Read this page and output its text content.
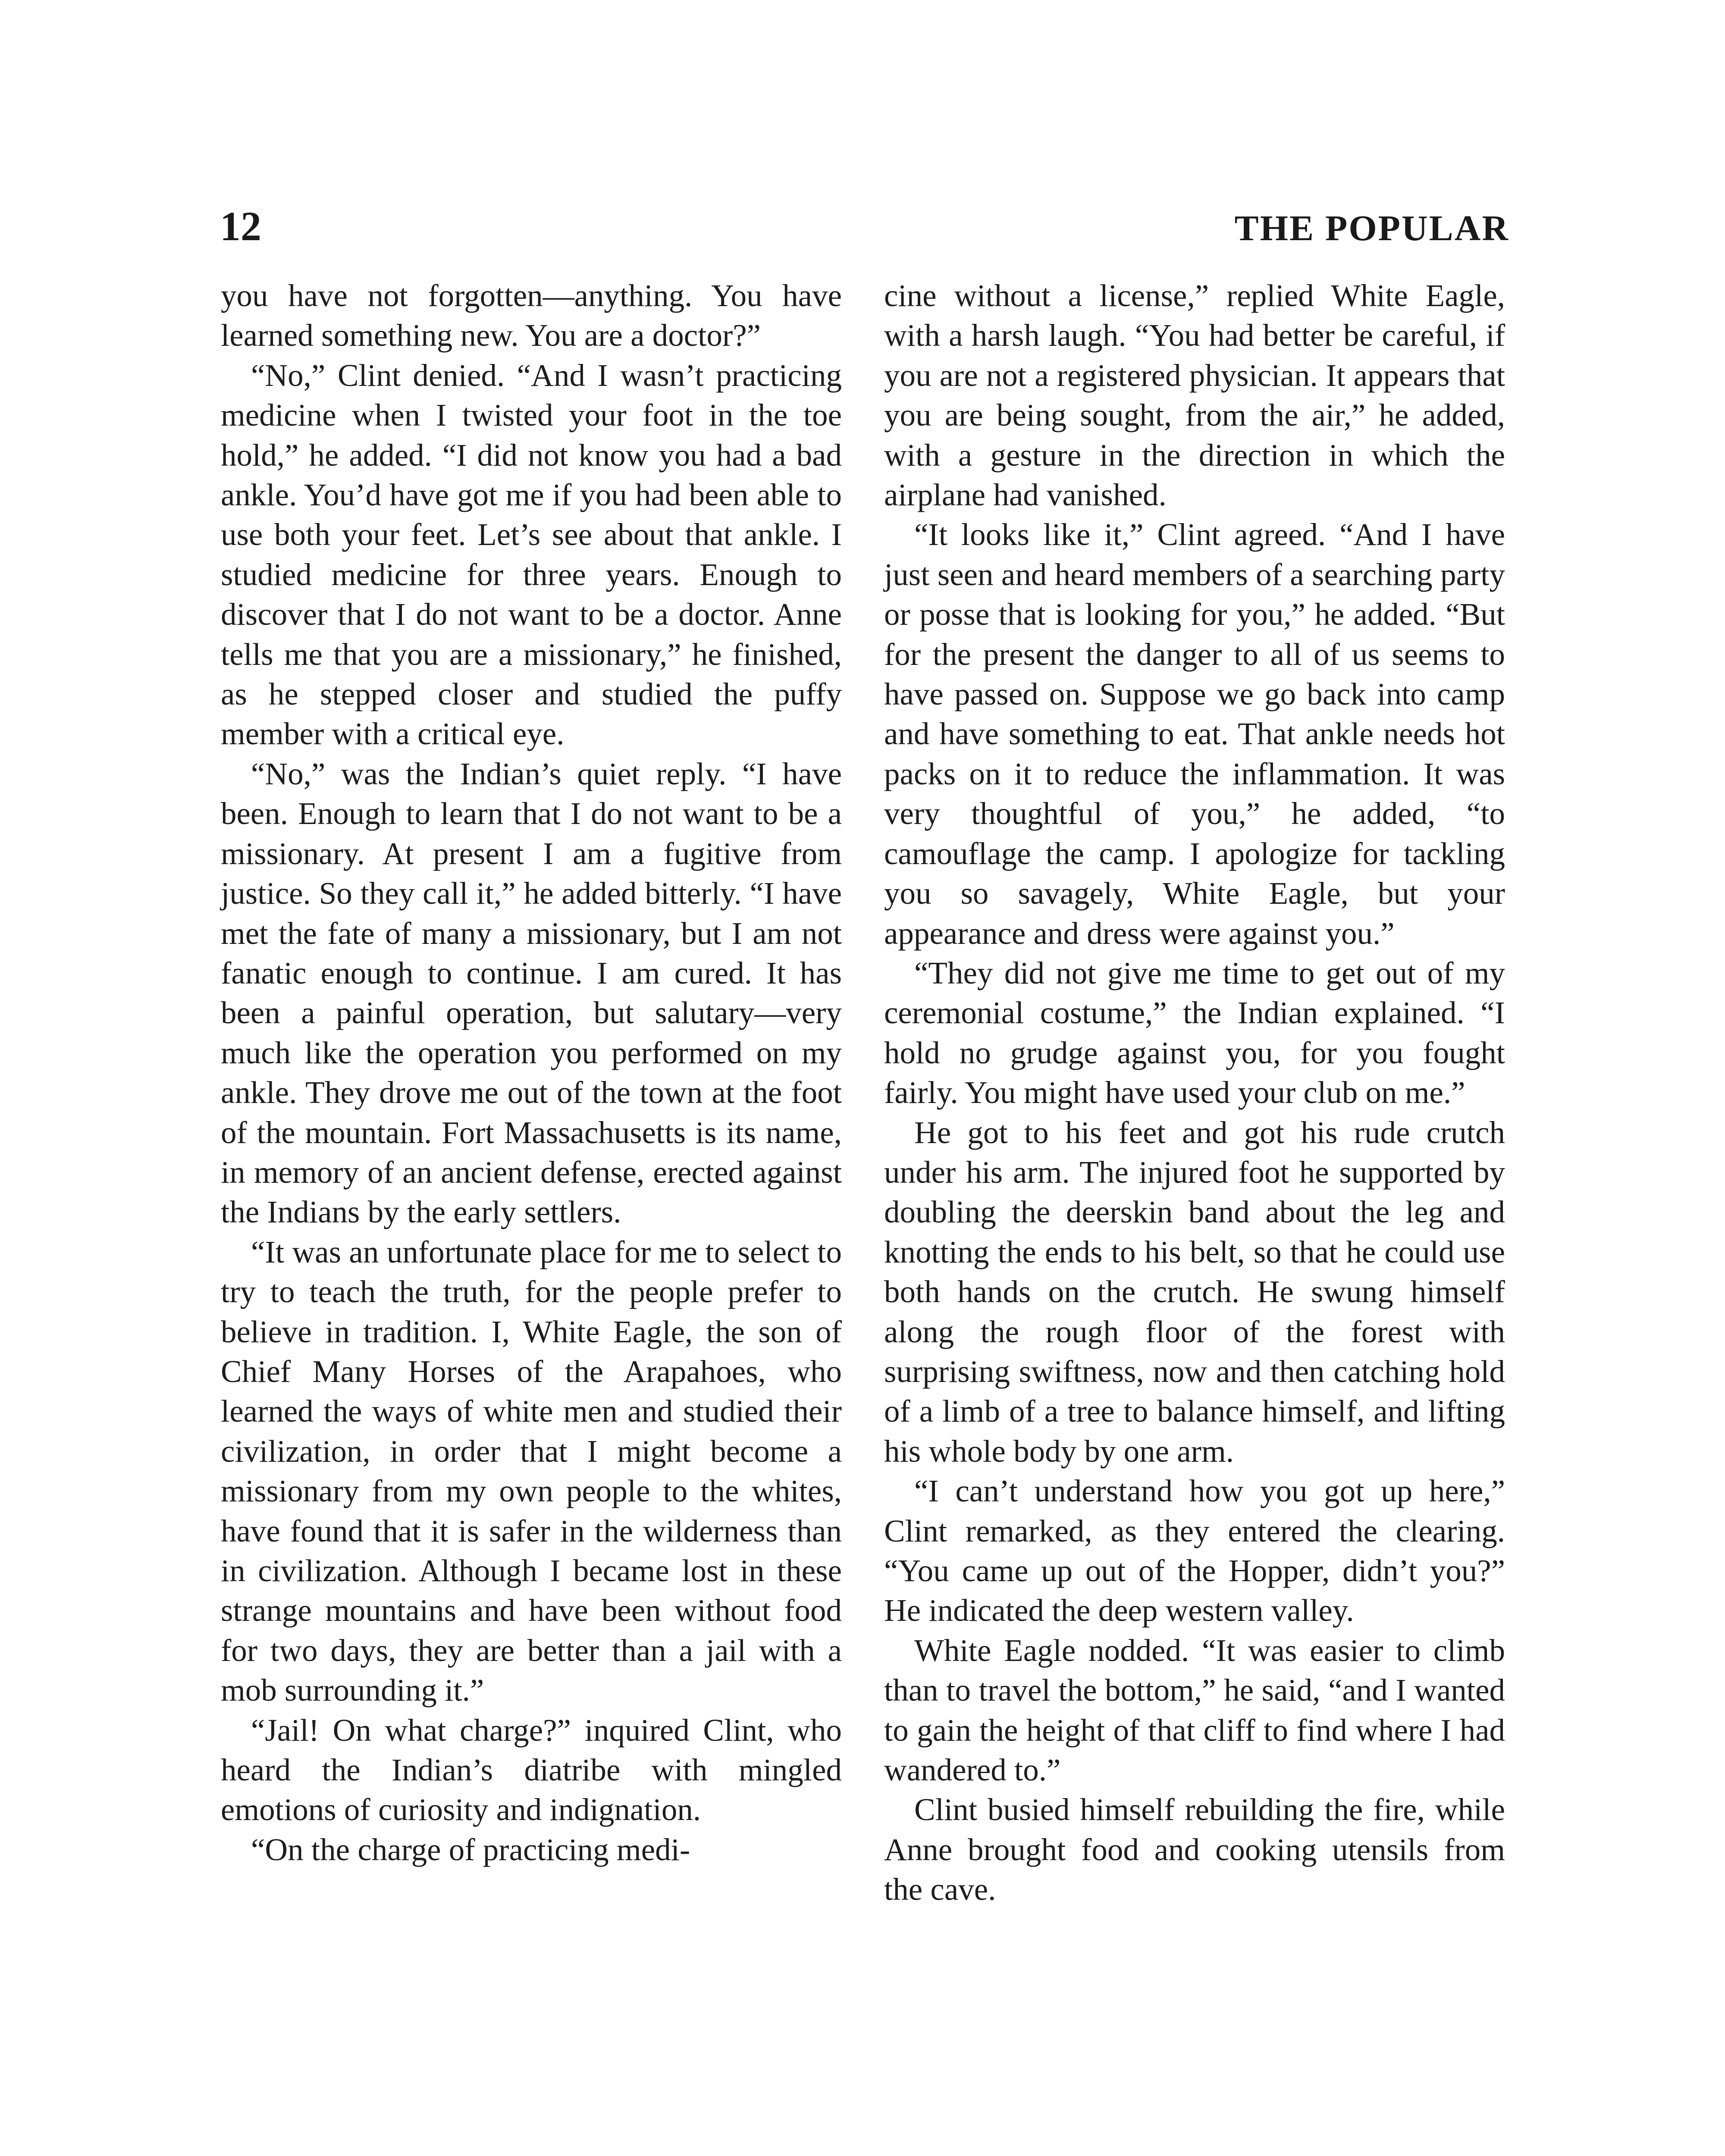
12	THE POPULAR

you have not forgotten—anything. You have learned something new. You are a doctor?”

“No,” Clint denied. “And I wasn’t practicing medicine when I twisted your foot in the toe hold,” he added. “I did not know you had a bad ankle. You’d have got me if you had been able to use both your feet. Let’s see about that ankle. I studied medicine for three years. Enough to discover that I do not want to be a doctor. Anne tells me that you are a missionary,” he finished, as he stepped closer and studied the puffy member with a critical eye.

“No,” was the Indian’s quiet reply. “I have been. Enough to learn that I do not want to be a missionary. At present I am a fugitive from justice. So they call it,” he added bitterly. “I have met the fate of many a missionary, but I am not fanatic enough to continue. I am cured. It has been a painful operation, but salutary—very much like the operation you performed on my ankle. They drove me out of the town at the foot of the mountain. Fort Massachusetts is its name, in memory of an ancient defense, erected against the Indians by the early settlers.

“It was an unfortunate place for me to select to try to teach the truth, for the people prefer to believe in tradition. I, White Eagle, the son of Chief Many Horses of the Arapahoes, who learned the ways of white men and studied their civilization, in order that I might become a missionary from my own people to the whites, have found that it is safer in the wilderness than in civilization. Although I became lost in these strange mountains and have been without food for two days, they are better than a jail with a mob surrounding it.”

“Jail! On what charge?” inquired Clint, who heard the Indian’s diatribe with mingled emotions of curiosity and indignation.

“On the charge of practicing medi-

cine without a license,” replied White Eagle, with a harsh laugh. “You had better be careful, if you are not a registered physician. It appears that you are being sought, from the air,” he added, with a gesture in the direction in which the airplane had vanished.

“It looks like it,” Clint agreed. “And I have just seen and heard members of a searching party or posse that is looking for you,” he added. “But for the present the danger to all of us seems to have passed on. Suppose we go back into camp and have something to eat. That ankle needs hot packs on it to reduce the inflammation. It was very thoughtful of you,” he added, “to camouflage the camp. I apologize for tackling you so savagely, White Eagle, but your appearance and dress were against you.”

“They did not give me time to get out of my ceremonial costume,” the Indian explained. “I hold no grudge against you, for you fought fairly. You might have used your club on me.”

He got to his feet and got his rude crutch under his arm. The injured foot he supported by doubling the deerskin band about the leg and knotting the ends to his belt, so that he could use both hands on the crutch. He swung himself along the rough floor of the forest with surprising swiftness, now and then catching hold of a limb of a tree to balance himself, and lifting his whole body by one arm.

“I can’t understand how you got up here,” Clint remarked, as they entered the clearing. “You came up out of the Hopper, didn’t you?” He indicated the deep western valley.

White Eagle nodded. “It was easier to climb than to travel the bottom,” he said, “and I wanted to gain the height of that cliff to find where I had wandered to.”

Clint busied himself rebuilding the fire, while Anne brought food and cooking utensils from the cave.
